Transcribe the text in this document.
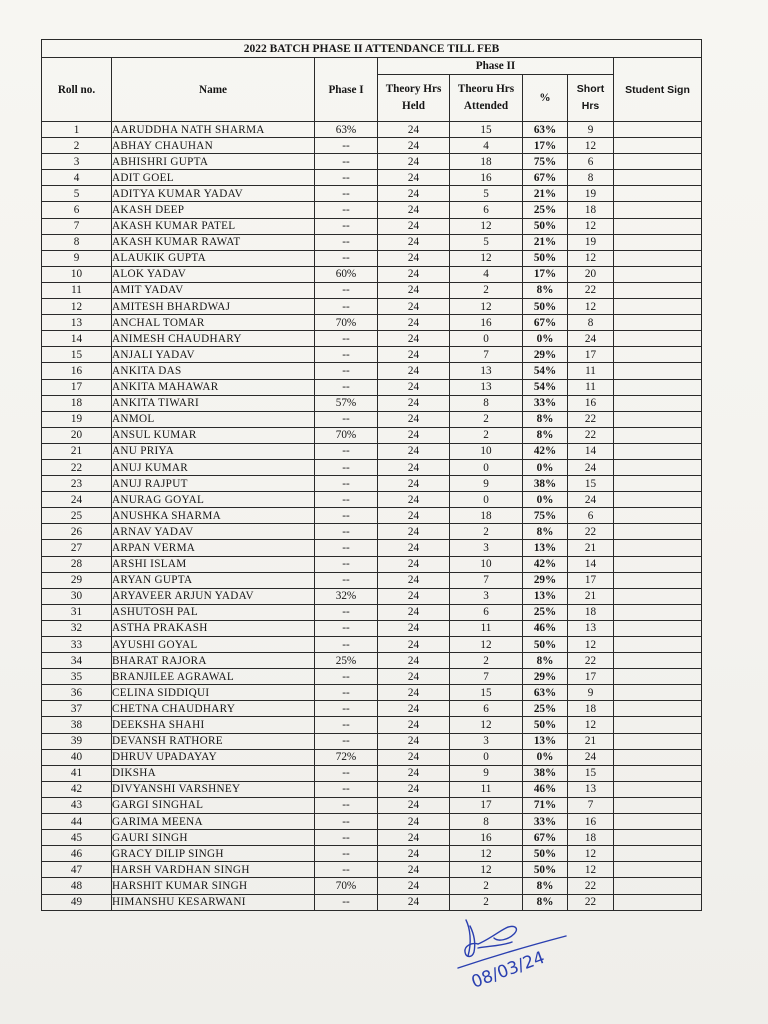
2022 BATCH PHASE II ATTENDANCE TILL FEB							
Roll no.	Name	Phase I	Phase II				Student Sign
			Theory Hrs Held	Theoru Hrs Attended	%	Short Hrs	
1	AARUDDHA NATH SHARMA	63%	24	15	63%	9	
2	ABHAY CHAUHAN	--	24	4	17%	12	
3	ABHISHRI GUPTA	--	24	18	75%	6	
4	ADIT GOEL	--	24	16	67%	8	
5	ADITYA KUMAR YADAV	--	24	5	21%	19	
6	AKASH DEEP	--	24	6	25%	18	
7	AKASH KUMAR PATEL	--	24	12	50%	12	
8	AKASH KUMAR RAWAT	--	24	5	21%	19	
9	ALAUKIK GUPTA	--	24	12	50%	12	
10	ALOK YADAV	60%	24	4	17%	20	
11	AMIT YADAV	--	24	2	8%	22	
12	AMITESH BHARDWAJ	--	24	12	50%	12	
13	ANCHAL TOMAR	70%	24	16	67%	8	
14	ANIMESH CHAUDHARY	--	24	0	0%	24	
15	ANJALI YADAV	--	24	7	29%	17	
16	ANKITA DAS	--	24	13	54%	11	
17	ANKITA MAHAWAR	--	24	13	54%	11	
18	ANKITA TIWARI	57%	24	8	33%	16	
19	ANMOL	--	24	2	8%	22	
20	ANSUL KUMAR	70%	24	2	8%	22	
21	ANU PRIYA	--	24	10	42%	14	
22	ANUJ KUMAR	--	24	0	0%	24	
23	ANUJ RAJPUT	--	24	9	38%	15	
24	ANURAG GOYAL	--	24	0	0%	24	
25	ANUSHKA SHARMA	--	24	18	75%	6	
26	ARNAV YADAV	--	24	2	8%	22	
27	ARPAN VERMA	--	24	3	13%	21	
28	ARSHI ISLAM	--	24	10	42%	14	
29	ARYAN GUPTA	--	24	7	29%	17	
30	ARYAVEER ARJUN YADAV	32%	24	3	13%	21	
31	ASHUTOSH PAL	--	24	6	25%	18	
32	ASTHA PRAKASH	--	24	11	46%	13	
33	AYUSHI GOYAL	--	24	12	50%	12	
34	BHARAT RAJORA	25%	24	2	8%	22	
35	BRANJILEE AGRAWAL	--	24	7	29%	17	
36	CELINA SIDDIQUI	--	24	15	63%	9	
37	CHETNA CHAUDHARY	--	24	6	25%	18	
38	DEEKSHA SHAHI	--	24	12	50%	12	
39	DEVANSH RATHORE	--	24	3	13%	21	
40	DHRUV UPADAYAY	72%	24	0	0%	24	
41	DIKSHA	--	24	9	38%	15	
42	DIVYANSHI VARSHNEY	--	24	11	46%	13	
43	GARGI SINGHAL	--	24	17	71%	7	
44	GARIMA MEENA	--	24	8	33%	16	
45	GAURI SINGH	--	24	16	67%	18	
46	GRACY DILIP SINGH	--	24	12	50%	12	
47	HARSH VARDHAN SINGH	--	24	12	50%	12	
48	HARSHIT KUMAR SINGH	70%	24	2	8%	22	
49	HIMANSHU KESARWANI	--	24	2	8%	22	
08/03/24
